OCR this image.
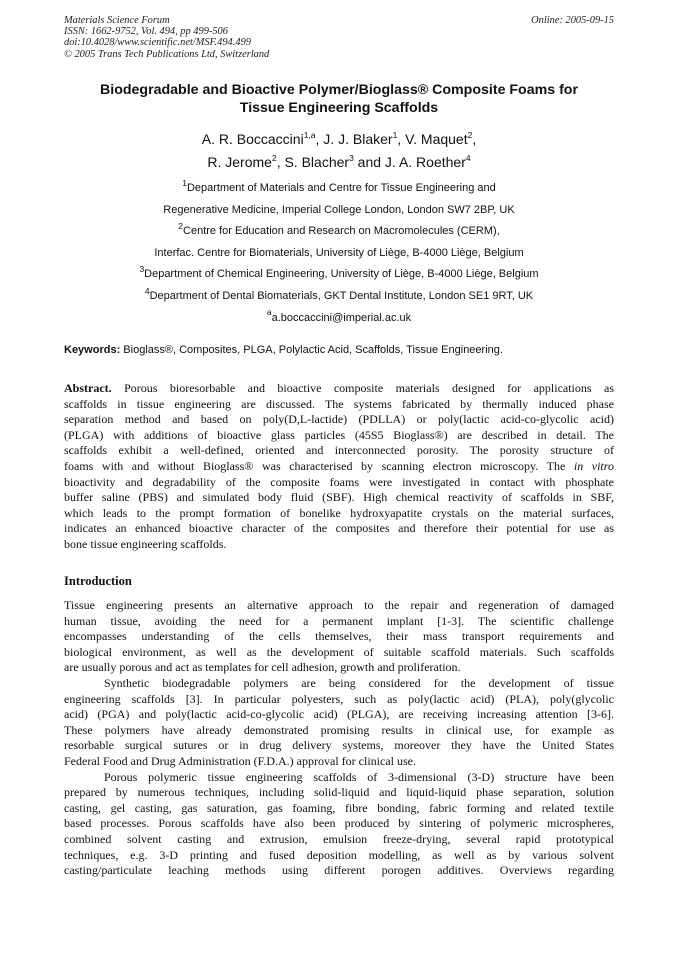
Materials Science Forum
ISSN: 1662-9752, Vol. 494, pp 499-506
doi:10.4028/www.scientific.net/MSF.494.499
© 2005 Trans Tech Publications Ltd, Switzerland
Online: 2005-09-15
Biodegradable and Bioactive Polymer/Bioglass® Composite Foams for
Tissue Engineering Scaffolds
A. R. Boccaccini$^{1,a}$, J. J. Blaker$^1$, V. Maquet$^2$,
R. Jerome$^2$, S. Blacher$^3$ and J. A. Roether$^4$
$^1$Department of Materials and Centre for Tissue Engineering and
Regenerative Medicine, Imperial College London, London SW7 2BP, UK
$^2$Centre for Education and Research on Macromolecules (CERM),
Interfac. Centre for Biomaterials, University of Liège, B-4000 Liège, Belgium
$^3$Department of Chemical Engineering, University of Liège, B-4000 Liège, Belgium
$^4$Department of Dental Biomaterials, GKT Dental Institute, London SE1 9RT, UK
$^a$a.boccaccini@imperial.ac.uk
Keywords: Bioglass®, Composites, PLGA, Polylactic Acid, Scaffolds, Tissue Engineering.
Abstract. Porous bioresorbable and bioactive composite materials designed for applications as
scaffolds in tissue engineering are discussed. The systems fabricated by thermally induced phase
separation method and based on poly(D,L-lactide) (PDLLA) or poly(lactic acid-co-glycolic acid)
(PLGA) with additions of bioactive glass particles (45S5 Bioglass®) are described in detail. The
scaffolds exhibit a well-defined, oriented and interconnected porosity. The porosity structure of
foams with and without Bioglass® was characterised by scanning electron microscopy. The in vitro
bioactivity and degradability of the composite foams were investigated in contact with phosphate
buffer saline (PBS) and simulated body fluid (SBF). High chemical reactivity of scaffolds in SBF,
which leads to the prompt formation of bonelike hydroxyapatite crystals on the material surfaces,
indicates an enhanced bioactive character of the composites and therefore their potential for use as
bone tissue engineering scaffolds.
Introduction
Tissue engineering presents an alternative approach to the repair and regeneration of damaged
human tissue, avoiding the need for a permanent implant [1-3]. The scientific challenge
encompasses understanding of the cells themselves, their mass transport requirements and
biological environment, as well as the development of suitable scaffold materials. Such scaffolds
are usually porous and act as templates for cell adhesion, growth and proliferation.
Synthetic biodegradable polymers are being considered for the development of tissue
engineering scaffolds [3]. In particular polyesters, such as poly(lactic acid) (PLA), poly(glycolic
acid) (PGA) and poly(lactic acid-co-glycolic acid) (PLGA), are receiving increasing attention [3-6].
These polymers have already demonstrated promising results in clinical use, for example as
resorbable surgical sutures or in drug delivery systems, moreover they have the United States
Federal Food and Drug Administration (F.D.A.) approval for clinical use.
Porous polymeric tissue engineering scaffolds of 3-dimensional (3-D) structure have been
prepared by numerous techniques, including solid-liquid and liquid-liquid phase separation, solution
casting, gel casting, gas saturation, gas foaming, fibre bonding, fabric forming and related textile
based processes. Porous scaffolds have also been produced by sintering of polymeric microspheres,
combined solvent casting and extrusion, emulsion freeze-drying, several rapid prototypical
techniques, e.g. 3-D printing and fused deposition modelling, as well as by various solvent
casting/particulate leaching methods using different porogen additives. Overviews regarding
